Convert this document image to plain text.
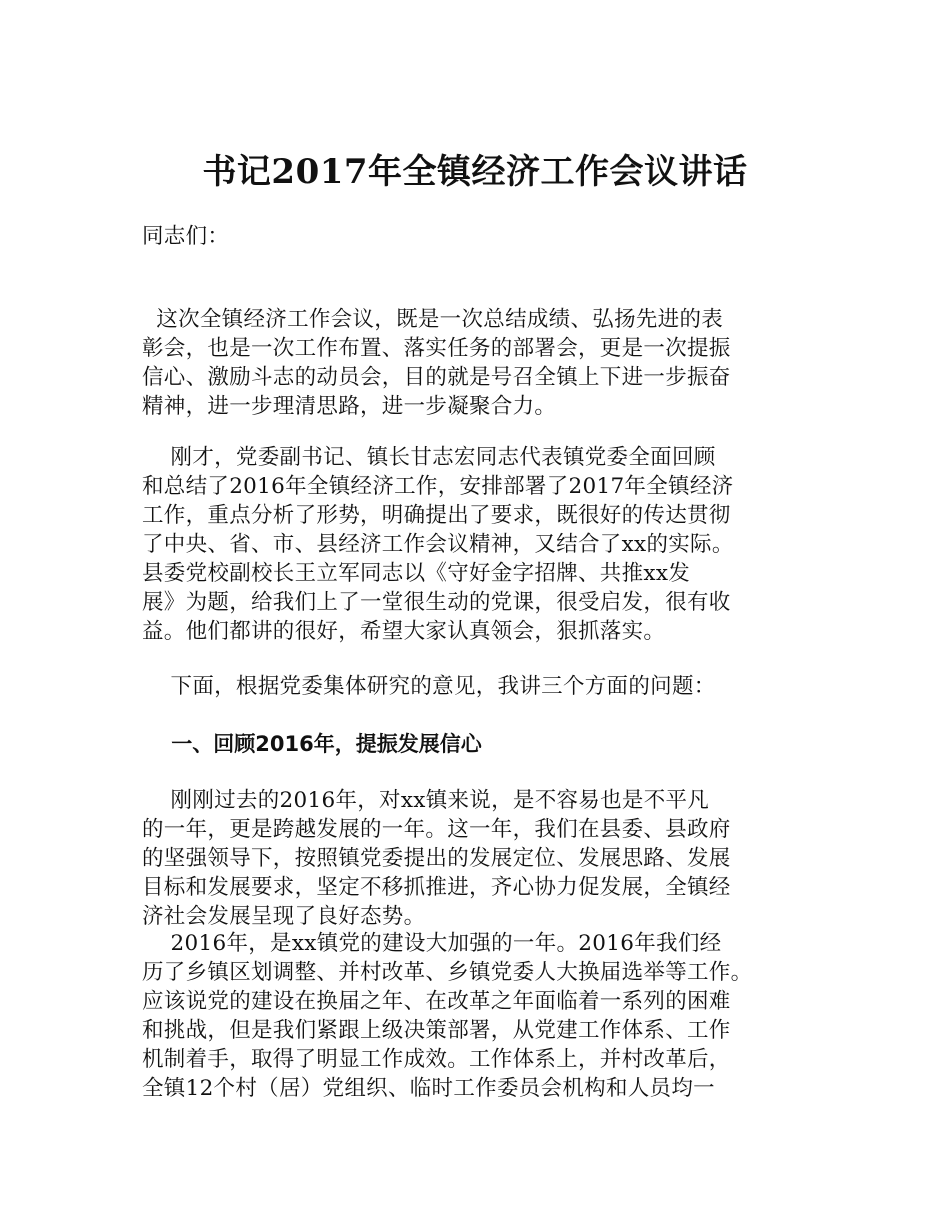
书记2017年全镇经济工作会议讲话
同志们：
这次全镇经济工作会议，既是一次总结成绩、弘扬先进的表
彰会，也是一次工作布置、落实任务的部署会，更是一次提振
信心、激励斗志的动员会，目的就是号召全镇上下进一步振奋
精神，进一步理清思路，进一步凝聚合力。
刚才，党委副书记、镇长甘志宏同志代表镇党委全面回顾
和总结了2016年全镇经济工作，安排部署了2017年全镇经济
工作，重点分析了形势，明确提出了要求，既很好的传达贯彻
了中央、省、市、县经济工作会议精神，又结合了xx的实际。
县委党校副校长王立军同志以《守好金字招牌、共推xx发
展》为题，给我们上了一堂很生动的党课，很受启发，很有收
益。他们都讲的很好，希望大家认真领会，狠抓落实。
下面，根据党委集体研究的意见，我讲三个方面的问题：
一、回顾2016年，提振发展信心
刚刚过去的2016年，对xx镇来说，是不容易也是不平凡
的一年，更是跨越发展的一年。这一年，我们在县委、县政府
的坚强领导下，按照镇党委提出的发展定位、发展思路、发展
目标和发展要求，坚定不移抓推进，齐心协力促发展，全镇经
济社会发展呈现了良好态势。
2016年，是xx镇党的建设大加强的一年。2016年我们经
历了乡镇区划调整、并村改革、乡镇党委人大换届选举等工作。
应该说党的建设在换届之年、在改革之年面临着一系列的困难
和挑战，但是我们紧跟上级决策部署，从党建工作体系、工作
机制着手，取得了明显工作成效。工作体系上，并村改革后，
全镇12个村（居）党组织、临时工作委员会机构和人员均一
